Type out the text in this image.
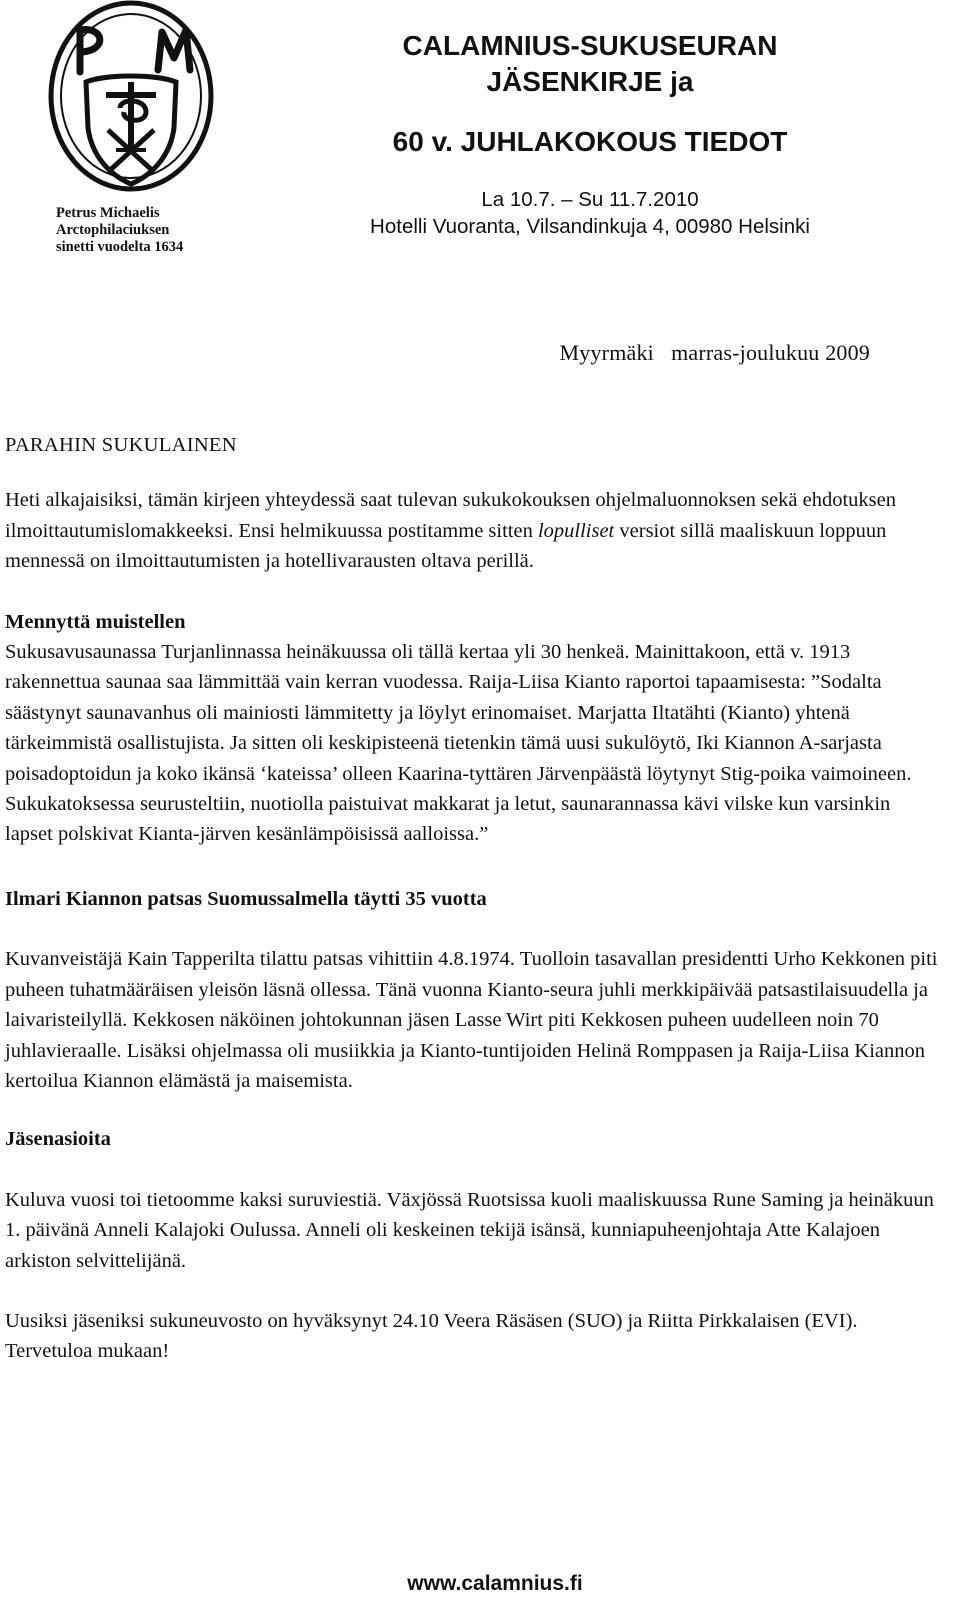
Petrus Michaelis
Arctophilaciuksen
sinetti vuodelta 1634

CALAMNIUS-SUKUSEURAN

JÄSENKIRJE ja

60 v. JUHLAKOKOUS TIEDOT

La 10.7. – Su 11.7.2010

Hotelli Vuoranta, Vilsandinkuja 4, 00980 Helsinki

Myyrmäki   marras-joulukuu 2009

PARAHIN SUKULAINEN

Heti alkajaisiksi, tämän kirjeen yhteydessä saat tulevan sukukokouksen ohjelmaluonnoksen sekä ehdotuksen ilmoittautumislomakkeeksi. Ensi helmikuussa postitamme sitten lopulliset versiot sillä maaliskuun loppuun mennessä on ilmoittautumisten ja hotellivarausten oltava perillä.

Mennyttä muistellen

Sukusavusaunassa Turjanlinnassa heinäkuussa oli tällä kertaa yli 30 henkeä. Mainittakoon, että v. 1913 rakennettua saunaa saa lämmittää vain kerran vuodessa. Raija-Liisa Kianto raportoi tapaamisesta: ”Sodalta säästynyt saunavanhus oli mainiosti lämmitetty ja löylyt erinomaiset. Marjatta Iltatähti (Kianto) yhtenä tärkeimmistä osallistujista. Ja sitten oli keskipisteenä tietenkin tämä uusi sukulöytö, Iki Kiannon A-sarjasta poisadoptoidun ja koko ikänsä ‘kateissa’ olleen Kaarina-tyttären Järvenpäästä löytynyt Stig-poika vaimoineen. Sukukatoksessa seurusteltiin, nuotiolla paistuivat makkarat ja letut, saunarannassa kävi vilske kun varsinkin lapset polskivat Kianta-järven kesänlämpöisissä aalloissa.”

Ilmari Kiannon patsas Suomussalmella täytti 35 vuotta

Kuvanveistäjä Kain Tapperilta tilattu patsas vihittiin 4.8.1974. Tuolloin tasavallan presidentti Urho Kekkonen piti puheen tuhatmääräisen yleisön läsnä ollessa. Tänä vuonna Kianto-seura juhli merkkipäivää patsastilaisuudella ja laivaristeilyllä. Kekkosen näköinen johtokunnan jäsen Lasse Wirt piti Kekkosen puheen uudelleen noin 70 juhlavieraalle. Lisäksi ohjelmassa oli musiikkia ja Kianto-tuntijoiden Helinä Romppasen ja Raija-Liisa Kiannon kertoilua Kiannon elämästä ja maisemista.

Jäsenasioita

Kuluva vuosi toi tietoomme kaksi suruviestiä. Växjössä Ruotsissa kuoli maaliskuussa Rune Saming ja heinäkuun 1. päivänä Anneli Kalajoki Oulussa. Anneli oli keskeinen tekijä isänsä, kunniapuheenjohtaja Atte Kalajoen arkiston selvittelijänä.

Uusiksi jäseniksi sukuneuvosto on hyväksynyt 24.10 Veera Räsäsen (SUO) ja Riitta Pirkkalaisen (EVI). Tervetuloa mukaan!

www.calamnius.fi
